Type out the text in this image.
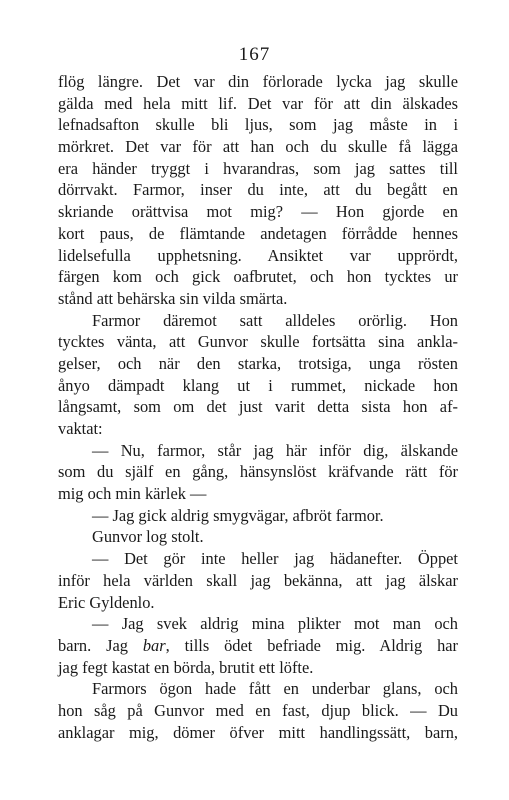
167
flög längre. Det var din förlorade lycka jag skulle
gälda med hela mitt lif. Det var för att din älskades
lefnadsafton skulle bli ljus, som jag måste in i
mörkret. Det var för att han och du skulle få lägga
era händer tryggt i hvarandras, som jag sattes till
dörrvakt. Farmor, inser du inte, att du begått en
skriande orättvisa mot mig? — Hon gjorde en
kort paus, de flämtande andetagen förrådde hennes
lidelsefulla upphetsning. Ansiktet var upprördt,
färgen kom och gick oafbrutet, och hon tycktes ur
stånd att behärska sin vilda smärta.
Farmor däremot satt alldeles orörlig. Hon
tycktes vänta, att Gunvor skulle fortsätta sina ankla-
gelser, och när den starka, trotsiga, unga rösten
ånyo dämpadt klang ut i rummet, nickade hon
långsamt, som om det just varit detta sista hon af-
vaktat:
— Nu, farmor, står jag här inför dig, älskande
som du själf en gång, hänsynslöst kräfvande rätt för
mig och min kärlek —
— Jag gick aldrig smygvägar, afbröt farmor.
Gunvor log stolt.
— Det gör inte heller jag hädanefter. Öppet
inför hela världen skall jag bekänna, att jag älskar
Eric Gyldenlo.
— Jag svek aldrig mina plikter mot man och
barn. Jag bar, tills ödet befriade mig. Aldrig har
jag fegt kastat en börda, brutit ett löfte.
Farmors ögon hade fått en underbar glans, och
hon såg på Gunvor med en fast, djup blick. — Du
anklagar mig, dömer öfver mitt handlingssätt, barn,
